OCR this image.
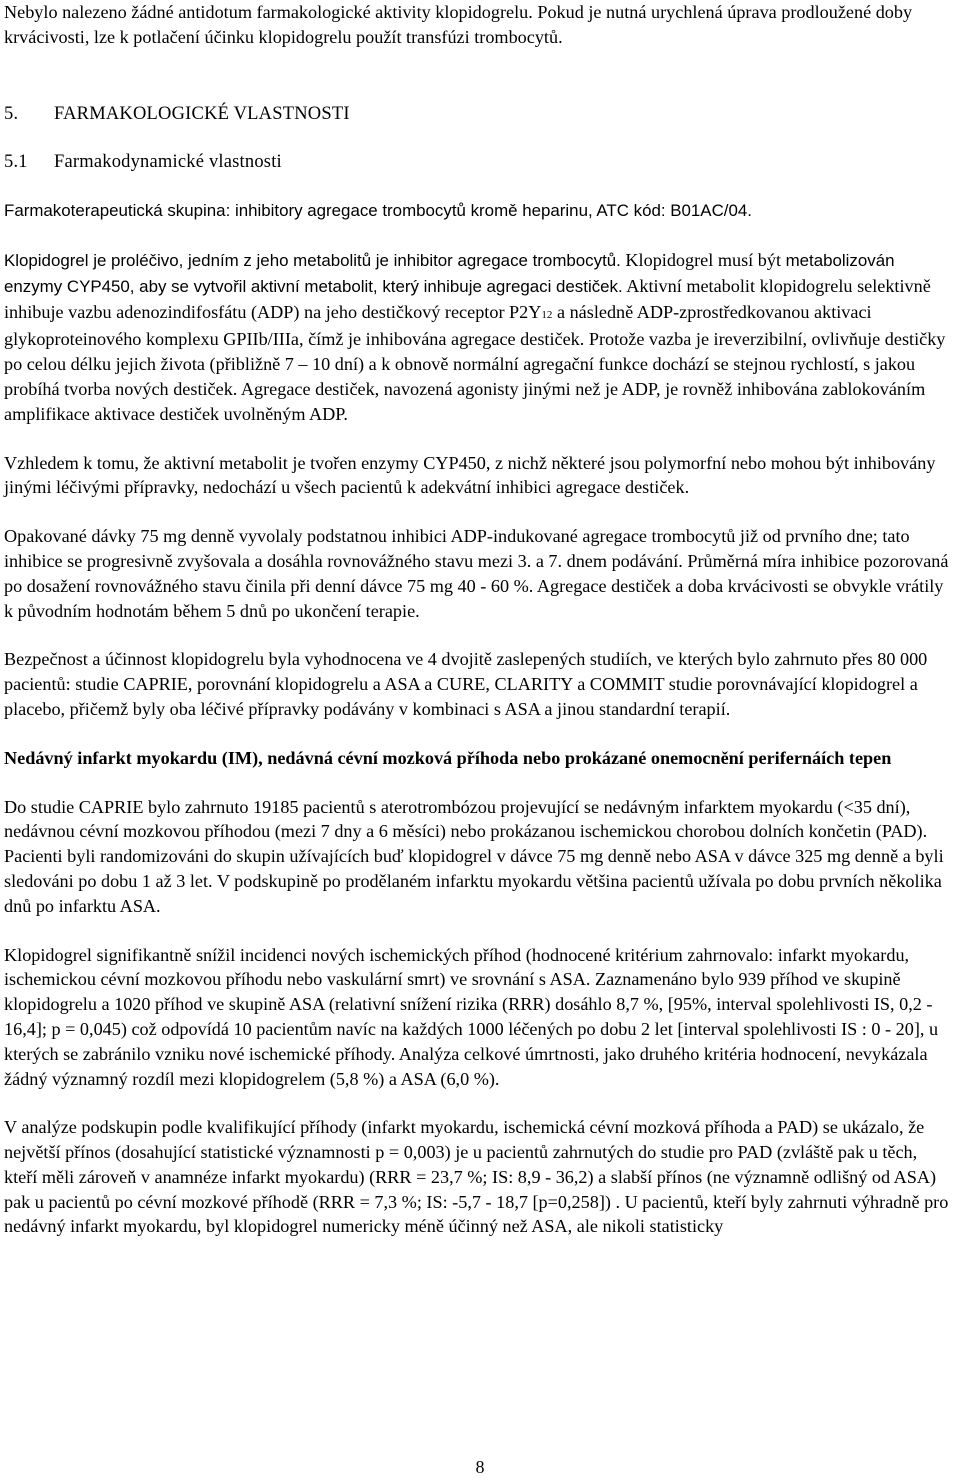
Nebylo nalezeno žádné antidotum farmakologické aktivity klopidogrelu. Pokud je nutná urychlená úprava prodloužené doby krvácivosti, lze k potlačení účinku klopidogrelu použít transfúzi trombocytů.

5. FARMAKOLOGICKÉ VLASTNOSTI

5.1 Farmakodynamické vlastnosti

Farmakoterapeutická skupina: inhibitory agregace trombocytů kromě heparinu, ATC kód: B01AC/04.

Klopidogrel je proléčivo, jedním z jeho metabolitů je inhibitor agregace trombocytů. Klopidogrel musí být metabolizován enzymy CYP450, aby se vytvořil aktivní metabolit, který inhibuje agregaci destiček. Aktivní metabolit klopidogrelu selektivně inhibuje vazbu adenozindifosfátu (ADP) na jeho destičkový receptor P2Y12 a následně ADP-zprostředkovanou aktivaci glykoproteinového komplexu GPIIb/IIIa, čímž je inhibována agregace destiček. Protože vazba je ireverzibilní, ovlivňuje destičky po celou délku jejich života (přibližně 7 – 10 dní) a k obnově normální agregační funkce dochází se stejnou rychlostí, s jakou probíhá tvorba nových destiček. Agregace destiček, navozená agonisty jinými než je ADP, je rovněž inhibována zablokováním amplifikace aktivace destiček uvolněným ADP.

Vzhledem k tomu, že aktivní metabolit je tvořen enzymy CYP450, z nichž některé jsou polymorfní nebo mohou být inhibovány jinými léčivými přípravky, nedochází u všech pacientů k adekvátní inhibici agregace destiček.

Opakované dávky 75 mg denně vyvolaly podstatnou inhibici ADP-indukované agregace trombocytů již od prvního dne; tato inhibice se progresivně zvyšovala a dosáhla rovnovážného stavu mezi 3. a 7. dnem podávání. Průměrná míra inhibice pozorovaná po dosažení rovnovážného stavu činila při denní dávce 75 mg 40 - 60 %. Agregace destiček a doba krvácivosti se obvykle vrátily k původním hodnotám během 5 dnů po ukončení terapie.

Bezpečnost a účinnost klopidogrelu byla vyhodnocena ve 4 dvojitě zaslepených studiích, ve kterých bylo zahrnuto přes 80 000 pacientů: studie CAPRIE, porovnání klopidogrelu a ASA a CURE, CLARITY a COMMIT studie porovnávající klopidogrel a placebo, přičemž byly oba léčivé přípravky podávány v kombinaci s ASA a jinou standardní terapií.

Nedávný infarkt myokardu (IM), nedávná cévní mozková příhoda nebo prokázané onemocnění perifernáích tepen

Do studie CAPRIE bylo zahrnuto 19185 pacientů s aterotrombózou projevující se nedávným infarktem myokardu (<35 dní), nedávnou cévní mozkovou příhodou (mezi 7 dny a 6 měsíci) nebo prokázanou ischemickou chorobou dolních končetin (PAD). Pacienti byli randomizováni do skupin užívajících buď klopidogrel v dávce 75 mg denně nebo ASA v dávce 325 mg denně a byli sledováni po dobu 1 až 3 let. V podskupině po prodělaném infarktu myokardu většina pacientů užívala po dobu prvních několika dnů po infarktu ASA.

Klopidogrel signifikantně snížil incidenci nových ischemických příhod (hodnocené kritérium zahrnovalo: infarkt myokardu, ischemickou cévní mozkovou příhodu nebo vaskulární smrt) ve srovnání s ASA. Zaznamenáno bylo 939 příhod ve skupině klopidogrelu a 1020 příhod ve skupině ASA (relativní snížení rizika (RRR) dosáhlo 8,7 %, [95%, interval spolehlivosti IS, 0,2 - 16,4]; p = 0,045) což odpovídá 10 pacientům navíc na každých 1000 léčených po dobu 2 let [interval spolehlivosti IS : 0 - 20], u kterých se zabránilo vzniku nové ischemické příhody. Analýza celkové úmrtnosti, jako druhého kritéria hodnocení, nevykázala žádný významný rozdíl mezi klopidogrelem (5,8 %) a ASA (6,0 %).

V analýze podskupin podle kvalifikující příhody (infarkt myokardu, ischemická cévní mozková příhoda a PAD) se ukázalo, že největší přínos (dosahující statistické významnosti p = 0,003) je u pacientů zahrnutých do studie pro PAD (zvláště pak u těch, kteří měli zároveň v anamnéze infarkt myokardu) (RRR = 23,7 %; IS: 8,9 - 36,2) a slabší přínos (ne významně odlišný od ASA) pak u pacientů po cévní mozkové příhodě (RRR = 7,3 %; IS: -5,7 - 18,7 [p=0,258]) . U pacientů, kteří byly zahrnuti výhradně pro nedávný infarkt myokardu, byl klopidogrel numericky méně účinný než ASA, ale nikoli statisticky

8
